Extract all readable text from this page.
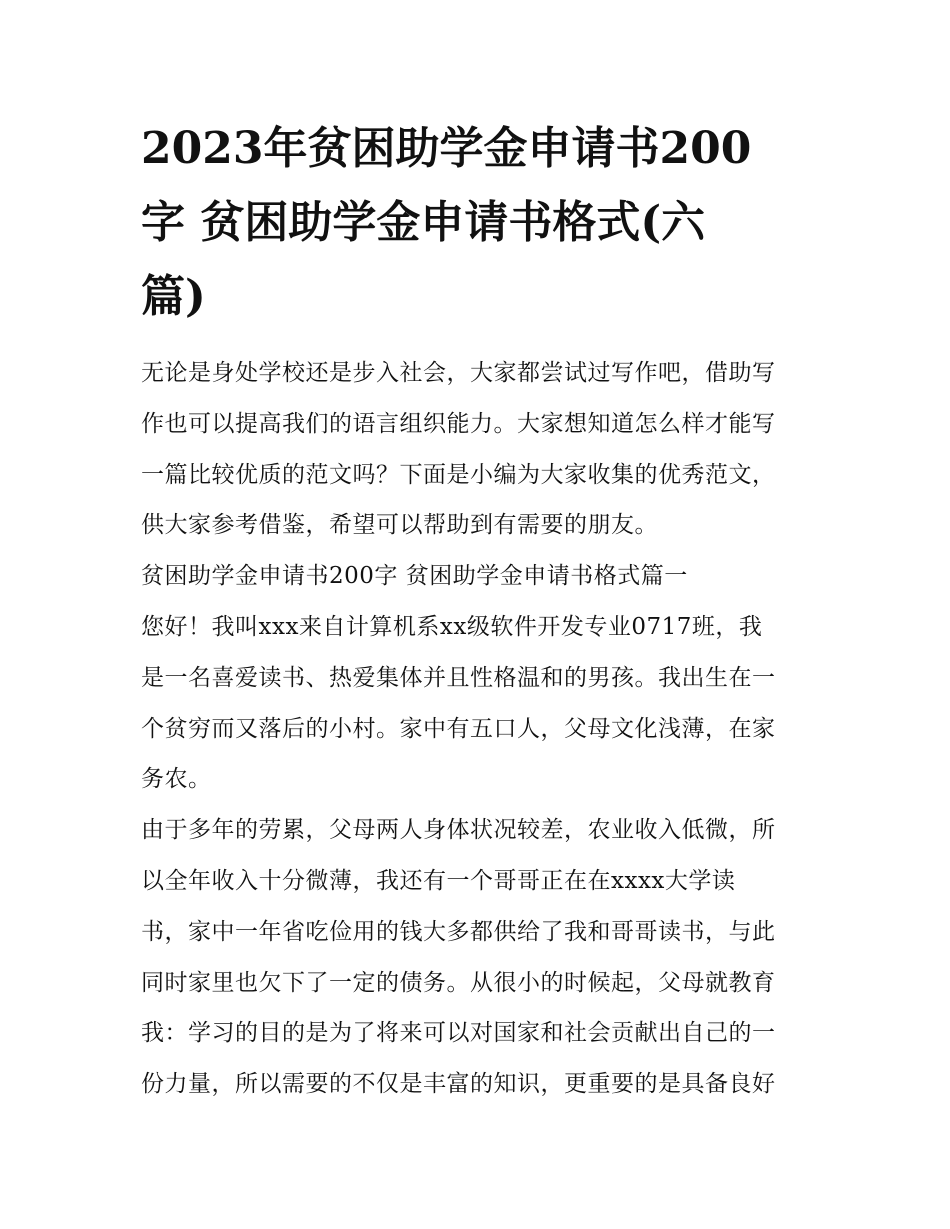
2023年贫困助学金申请书200
字 贫困助学金申请书格式(六
篇)
无论是身处学校还是步入社会，大家都尝试过写作吧，借助写
作也可以提高我们的语言组织能力。大家想知道怎么样才能写
一篇比较优质的范文吗？下面是小编为大家收集的优秀范文，
供大家参考借鉴，希望可以帮助到有需要的朋友。
贫困助学金申请书200字 贫困助学金申请书格式篇一
您好！我叫xxx来自计算机系xx级软件开发专业0717班，我
是一名喜爱读书、热爱集体并且性格温和的男孩。我出生在一
个贫穷而又落后的小村。家中有五口人，父母文化浅薄，在家
务农。
由于多年的劳累，父母两人身体状况较差，农业收入低微，所
以全年收入十分微薄，我还有一个哥哥正在在xxxx大学读
书，家中一年省吃俭用的钱大多都供给了我和哥哥读书，与此
同时家里也欠下了一定的债务。从很小的时候起，父母就教育
我：学习的目的是为了将来可以对国家和社会贡献出自己的一
份力量，所以需要的不仅是丰富的知识，更重要的是具备良好
